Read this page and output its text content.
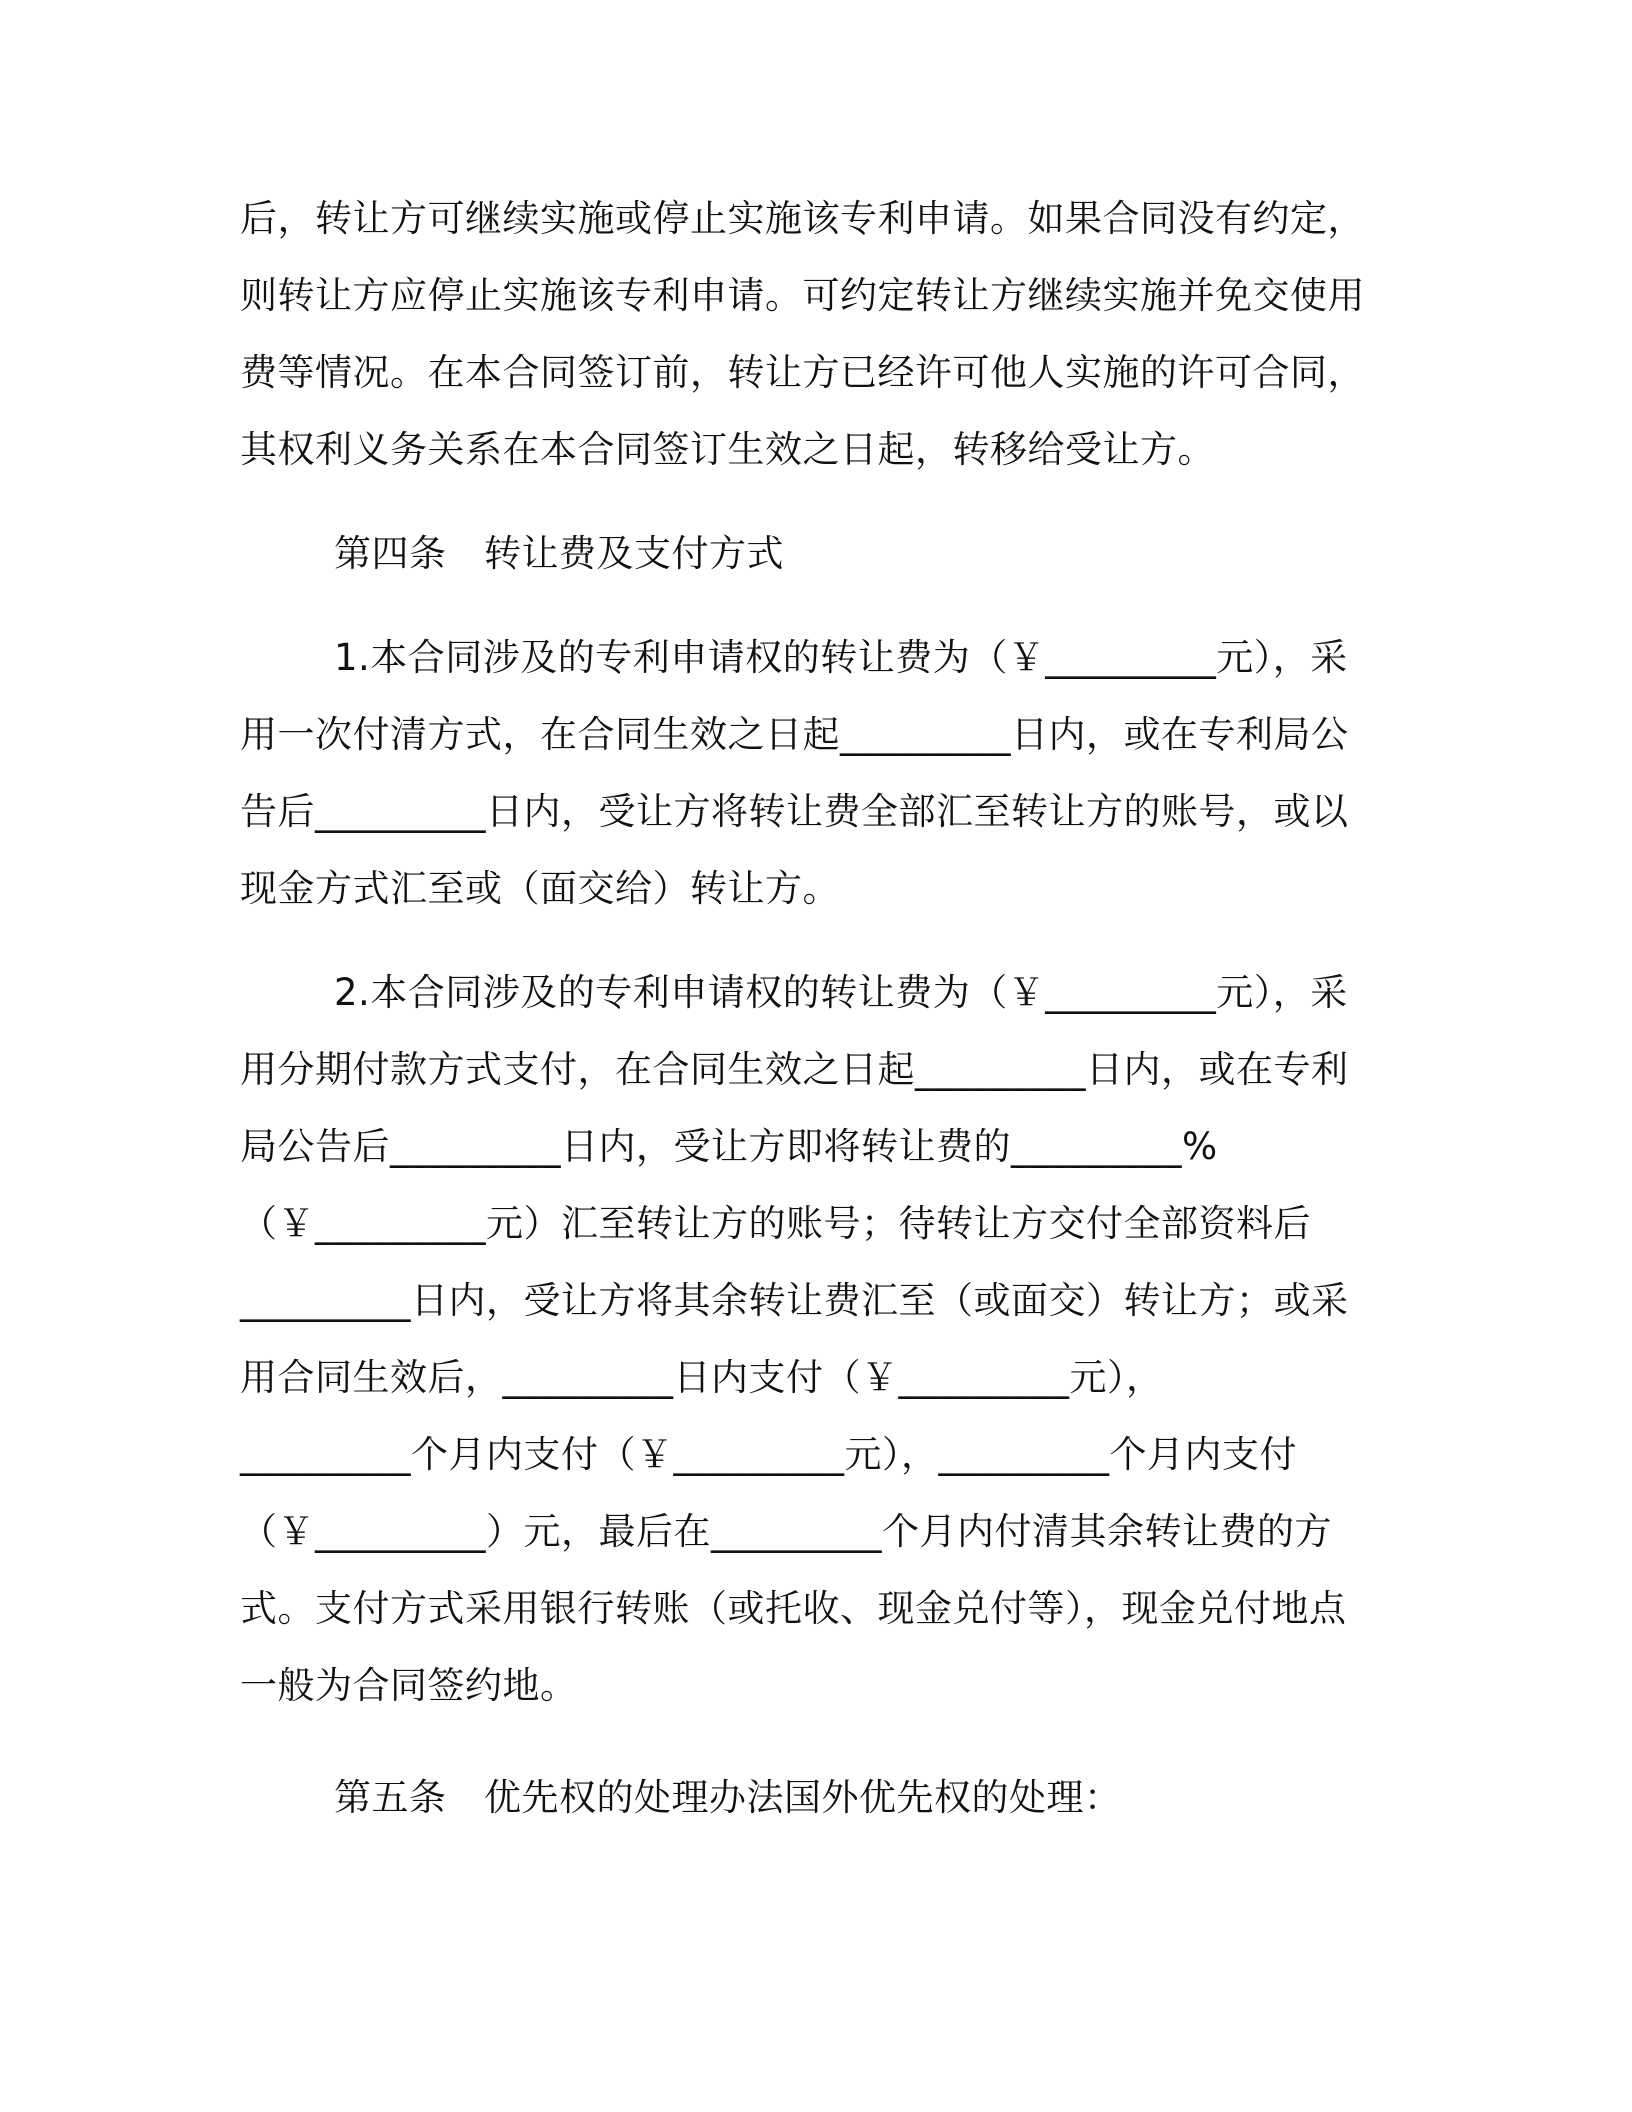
后，转让方可继续实施或停止实施该专利申请。如果合同没有约定，
则转让方应停止实施该专利申请。可约定转让方继续实施并免交使用
费等情况。在本合同签订前，转让方已经许可他人实施的许可合同，
其权利义务关系在本合同签订生效之日起，转移给受让方。
第四条　转让费及支付方式
1.本合同涉及的专利申请权的转让费为（￥_________元），采
用一次付清方式，在合同生效之日起_________日内，或在专利局公
告后_________日内，受让方将转让费全部汇至转让方的账号，或以
现金方式汇至或（面交给）转让方。
2.本合同涉及的专利申请权的转让费为（￥_________元），采
用分期付款方式支付，在合同生效之日起_________日内，或在专利
局公告后_________日内，受让方即将转让费的_________%
（￥_________元）汇至转让方的账号；待转让方交付全部资料后
_________日内，受让方将其余转让费汇至（或面交）转让方；或采
用合同生效后，_________日内支付（￥_________元），
_________个月内支付（￥_________元），_________个月内支付
（￥_________）元，最后在_________个月内付清其余转让费的方
式。支付方式采用银行转账（或托收、现金兑付等），现金兑付地点
一般为合同签约地。
第五条　优先权的处理办法国外优先权的处理：
